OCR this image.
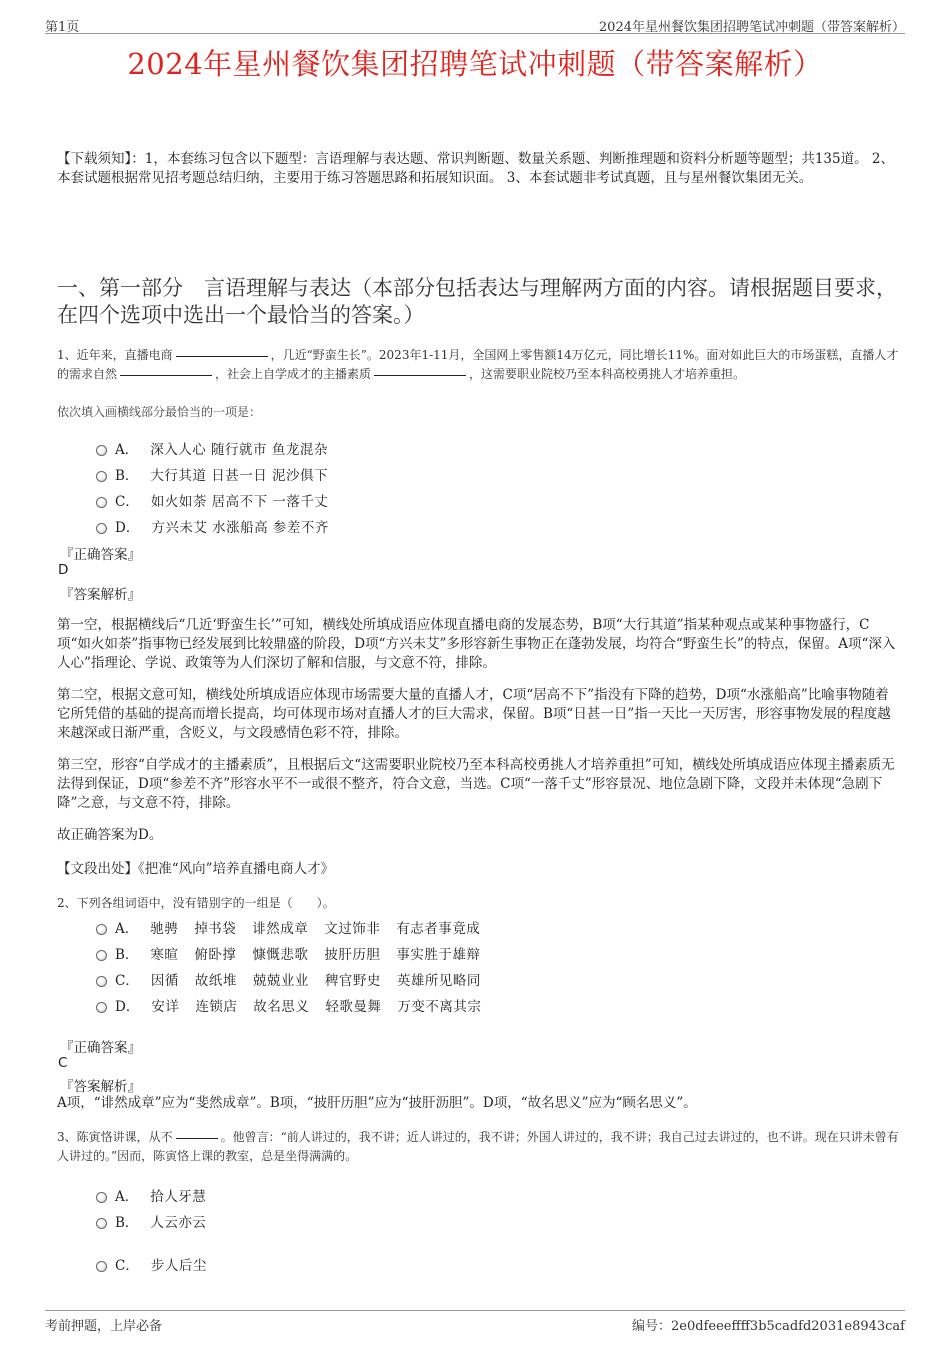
第1页	2024年星州餐饮集团招聘笔试冲刺题（带答案解析）
2024年星州餐饮集团招聘笔试冲刺题（带答案解析）
【下载须知】：1，本套练习包含以下题型：言语理解与表达题、常识判断题、数量关系题、判断推理题和资料分析题等题型；共135道。 2、本套试题根据常见招考题总结归纳，主要用于练习答题思路和拓展知识面。 3、本套试题非考试真题，且与星州餐饮集团无关。
一、第一部分　言语理解与表达（本部分包括表达与理解两方面的内容。请根据题目要求，在四个选项中选出一个最恰当的答案。）
1、近年来，直播电商	，几近“野蛮生长”。2023年1-11月，全国网上零售额14万亿元，同比增长11%。面对如此巨大的市场蛋糕，直播人才的需求自然	，社会上自学成才的主播素质	，这需要职业院校乃至本科高校勇挑人才培养重担。
依次填入画横线部分最恰当的一项是：
A． 深入人心 随行就市 鱼龙混杂
B． 大行其道 日甚一日 泥沙俱下
C． 如火如荼 居高不下 一落千丈
D． 方兴未艾 水涨船高 参差不齐
『正确答案』
D
『答案解析』
第一空，根据横线后“几近‘野蛮生长’”可知，横线处所填成语应体现直播电商的发展态势，B项“大行其道”指某种观点或某种事物盛行，C项“如火如荼”指事物已经发展到比较鼎盛的阶段，D项“方兴未艾”多形容新生事物正在蓬勃发展，均符合“野蛮生长”的特点，保留。A项“深入人心”指理论、学说、政策等为人们深切了解和信服，与文意不符，排除。
第二空，根据文意可知，横线处所填成语应体现市场需要大量的直播人才，C项“居高不下”指没有下降的趋势，D项“水涨船高”比喻事物随着它所凭借的基础的提高而增长提高，均可体现市场对直播人才的巨大需求，保留。B项“日甚一日”指一天比一天厉害，形容事物发展的程度越来越深或日渐严重，含贬义，与文段感情色彩不符，排除。
第三空，形容“自学成才的主播素质”，且根据后文“这需要职业院校乃至本科高校勇挑人才培养重担”可知，横线处所填成语应体现主播素质无法得到保证，D项“参差不齐”形容水平不一或很不整齐，符合文意，当选。C项“一落千丈”形容景况、地位急剧下降，文段并未体现“急剧下降”之意，与文意不符，排除。
故正确答案为D。
【文段出处】《把准“风向”培养直播电商人才》
2、下列各组词语中，没有错别字的一组是（　　）。
A． 驰骋 掉书袋 诽然成章 文过饰非 有志者事竟成
B． 寒暄 俯卧撑 慷慨悲歌 披肝历胆 事实胜于雄辩
C． 因循 故纸堆 兢兢业业 稗官野史 英雄所见略同
D． 安详 连锁店 故名思义 轻歌曼舞 万变不离其宗
『正确答案』
C
『答案解析』
A项，“诽然成章”应为“斐然成章”。B项，“披肝历胆”应为“披肝沥胆”。D项，“故名思义”应为“顾名思义”。
3、陈寅恪讲课，从不	。他曾言：“前人讲过的，我不讲；近人讲过的，我不讲；外国人讲过的，我不讲；我自己过去讲过的，也不讲。现在只讲未曾有人讲过的。”因而，陈寅恪上课的教室，总是坐得满满的。
A． 拾人牙慧
B． 人云亦云
C． 步人后尘
考前押题，上岸必备	编号：2e0dfeeeffff3b5cadfd2031e8943caf
